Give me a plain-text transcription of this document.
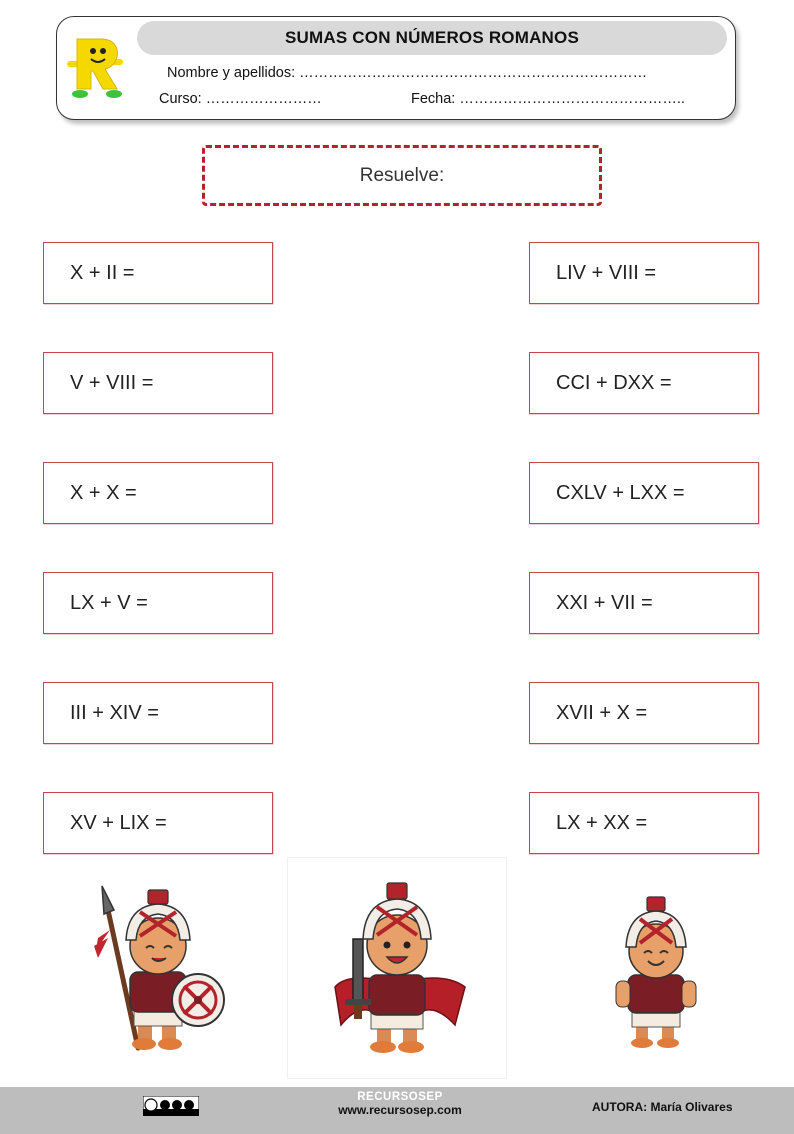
SUMAS CON NÚMEROS ROMANOS
Nombre y apellidos: ………………………………………………………………
Curso: ……………………	Fecha: ………………………………………..
Resuelve:
X + II =
V + VIII =
X + X =
LX + V =
III + XIV =
XV + LIX =
LIV + VIII =
CCI + DXX =
CXLV + LXX =
XXI + VII =
XVII + X =
LX + XX =
RECURSOSEP
www.recursosep.com	AUTORA: María Olivares
